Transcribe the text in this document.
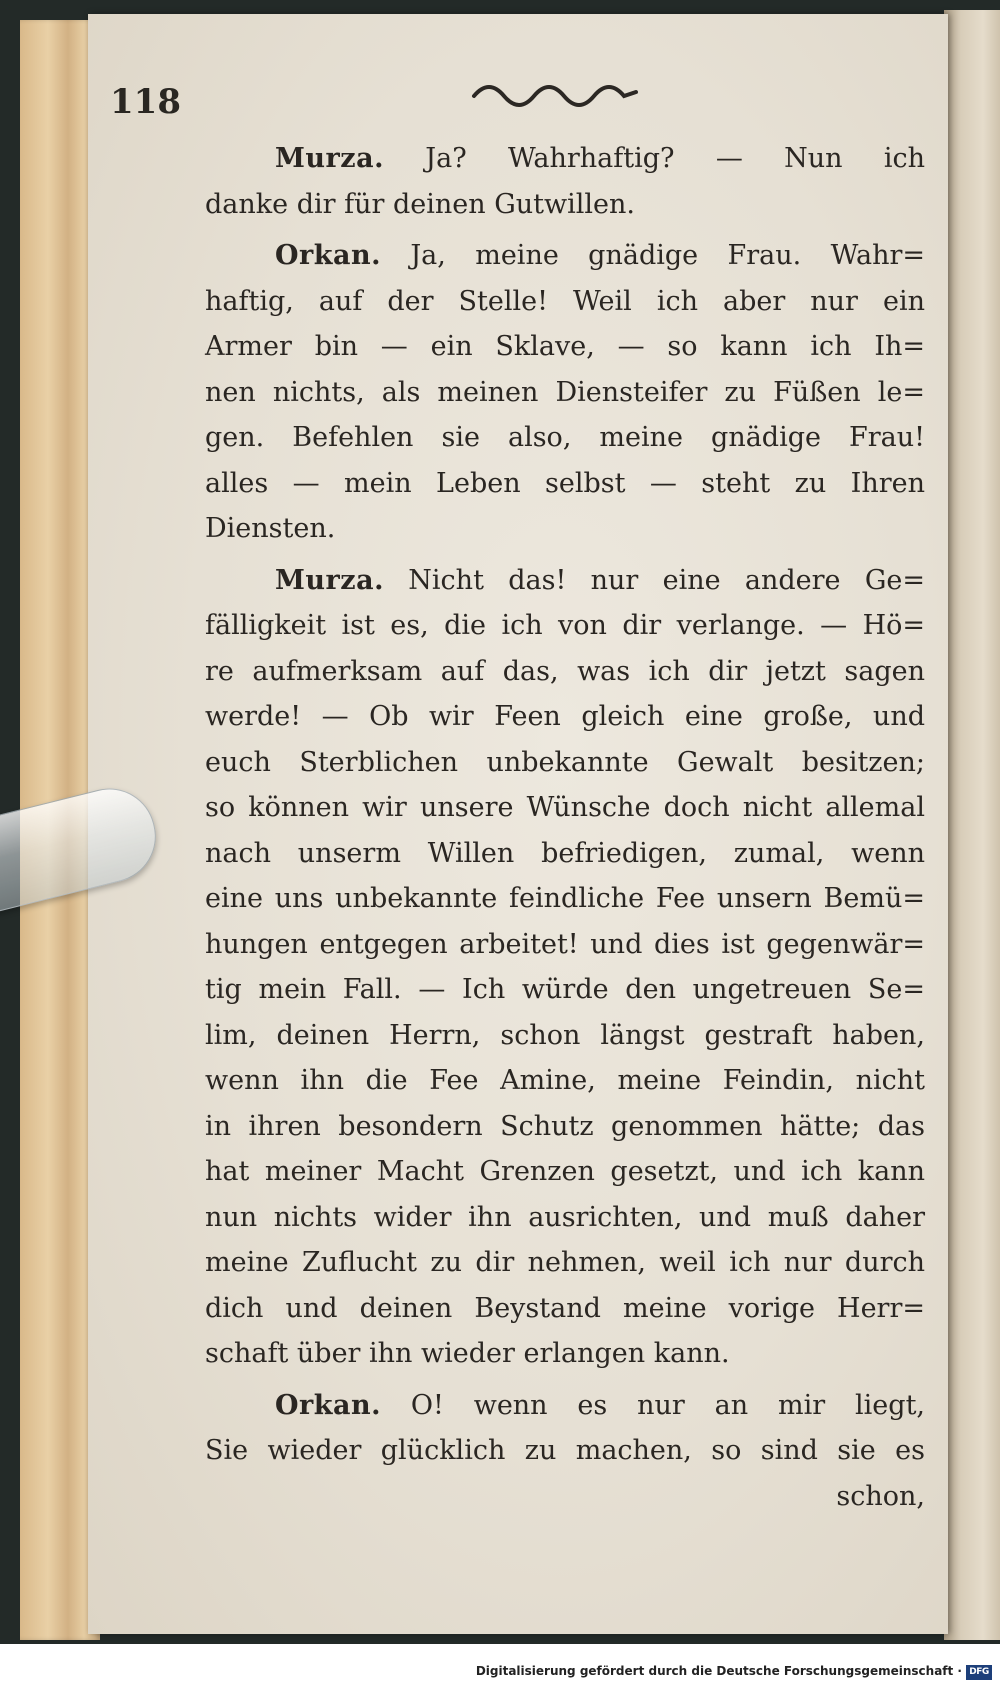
118
Murza. Ja? Wahrhaftig? — Nun ich
danke dir für deinen Gutwillen.
Orkan. Ja, meine gnädige Frau. Wahr=
haftig, auf der Stelle! Weil ich aber nur ein
Armer bin — ein Sklave, — so kann ich Ih=
nen nichts, als meinen Diensteifer zu Füßen le=
gen. Befehlen sie also, meine gnädige Frau!
alles — mein Leben selbst — steht zu Ihren
Diensten.
Murza. Nicht das! nur eine andere Ge=
fälligkeit ist es, die ich von dir verlange. — Hö=
re aufmerksam auf das, was ich dir jetzt sagen
werde! — Ob wir Feen gleich eine große, und
euch Sterblichen unbekannte Gewalt besitzen;
so können wir unsere Wünsche doch nicht allemal
nach unserm Willen befriedigen, zumal, wenn
eine uns unbekannte feindliche Fee unsern Bemü=
hungen entgegen arbeitet! und dies ist gegenwär=
tig mein Fall. — Ich würde den ungetreuen Se=
lim, deinen Herrn, schon längst gestraft haben,
wenn ihn die Fee Amine, meine Feindin, nicht
in ihren besondern Schutz genommen hätte; das
hat meiner Macht Grenzen gesetzt, und ich kann
nun nichts wider ihn ausrichten, und muß daher
meine Zuflucht zu dir nehmen, weil ich nur durch
dich und deinen Beystand meine vorige Herr=
schaft über ihn wieder erlangen kann.
Orkan. O! wenn es nur an mir liegt,
Sie wieder glücklich zu machen, so sind sie es
schon,
Digitalisierung gefördert durch die Deutsche Forschungsgemeinschaft · DFG
